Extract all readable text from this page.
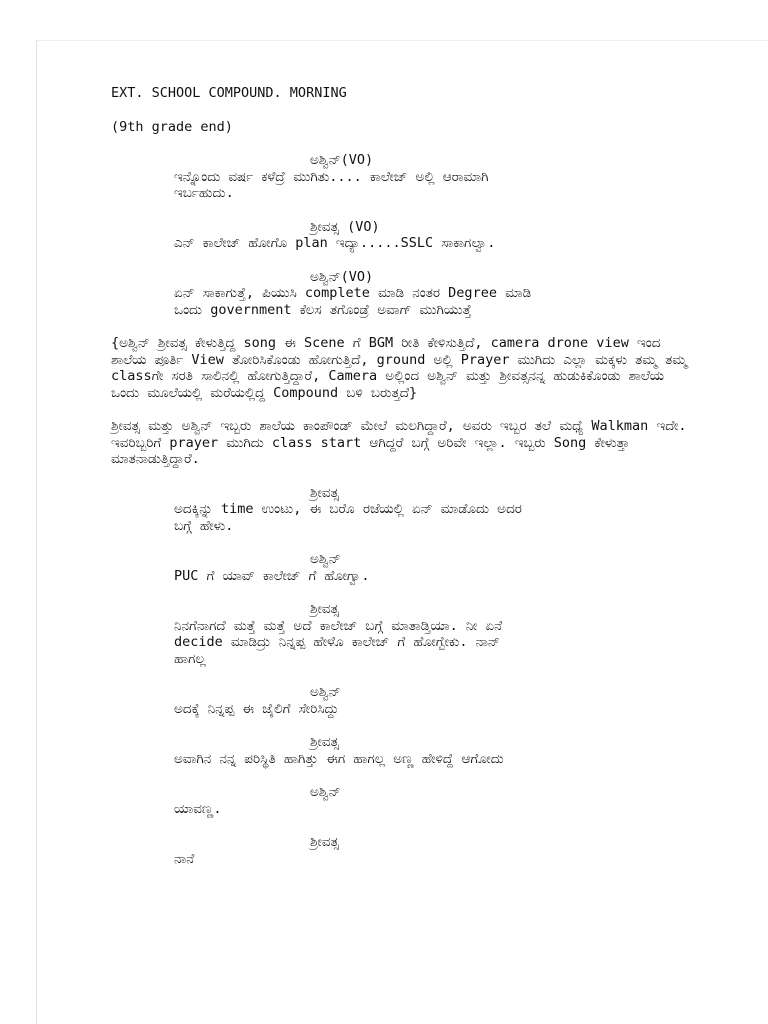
EXT. SCHOOL COMPOUND. MORNING

(9th grade end)

ಅಶ್ವಿನ್(VO)

ಇನ್ನೊಂದು ವರ್ಷ ಕಳೆದ್ರೆ ಮುಗಿತು.... ಕಾಲೇಜ್ ಅಲ್ಲಿ ಆರಾಮಾಗಿ ಇರ್ಬಹುದು.

ಶ್ರೀವತ್ಸ (VO)

ಎನ್ ಕಾಲೇಜ್ ಹೋಗೊ plan ಇದ್ಯಾ.....SSLC ಸಾಕಾಗಲ್ವಾ.

ಅಶ್ವಿನ್(VO)

ಏನ್ ಸಾಕಾಗುತ್ತೆ, ಪಿಯುಸಿ complete ಮಾಡಿ ನಂತರ Degree ಮಾಡಿ ಒಂದು government ಕೆಲಸ ತಗೊಂಡ್ರೆ ಅವಾಗ್ ಮುಗಿಯುತ್ತೆ

{ಅಶ್ವಿನ್ ಶ್ರೀವತ್ಸ ಕೇಳುತ್ತಿದ್ದ song ಈ Scene ಗೆ BGM ರೀತಿ ಕೇಳಿಸುತ್ತಿದೆ, camera drone view ಇಂದ ಶಾಲೆಯ ಪೂರ್ತಿ View ತೋರಿಸಿಕೊಂಡು ಹೋಗುತ್ತಿದೆ, ground ಅಲ್ಲಿ Prayer ಮುಗಿದು ಎಲ್ಲಾ ಮಕ್ಕಳು ತಮ್ಮ ತಮ್ಮ classಗೇ ಸರತಿ ಸಾಲಿನಲ್ಲಿ ಹೋಗುತ್ತಿದ್ದಾರೆ, Camera ಅಲ್ಲಿಂದ ಅಶ್ವಿನ್ ಮತ್ತು ಶ್ರೀವತ್ಸನನ್ನ ಹುಡುಕಿಕೊಂಡು ಶಾಲೆಯ ಒಂದು ಮೂಲೆಯಲ್ಲಿ ಮರೆಯಲ್ಲಿದ್ದ Compound ಬಳಿ ಬರುತ್ತದೆ}

ಶ್ರೀವತ್ಸ ಮತ್ತು ಅಶ್ವಿನ್ ಇಬ್ಬರು ಶಾಲೆಯ ಕಾಂಪೌಂಡ್ ಮೇಲೆ ಮಲಗಿದ್ದಾರೆ, ಅವರು ಇಬ್ಬರ ತಲೆ ಮಧ್ಯೆ Walkman ಇದೇ. ಇವರಿಬ್ಬರಿಗೆ prayer ಮುಗಿದು class start ಆಗಿದ್ದರೆ ಬಗ್ಗೆ ಅರಿವೇ ಇಲ್ಲಾ. ಇಬ್ಬರು Song ಕೇಳುತ್ತಾ ಮಾತನಾಡುತ್ತಿದ್ದಾರೆ.

ಶ್ರೀವತ್ಸ

ಅದಕ್ಕಿನ್ನು time ಉಂಟು, ಈ ಬರೊ ರಜೆಯಲ್ಲಿ ಏನ್ ಮಾಡೊದು ಅದರ ಬಗ್ಗೆ ಹೇಳು.

ಅಶ್ವಿನ್

PUC ಗೆ ಯಾವ್ ಕಾಲೇಜ್ ಗೆ ಹೋಗ್ವಾ.

ಶ್ರೀವತ್ಸ

ನಿನಗೆನಾಗದೆ ಮತ್ತೆ ಮತ್ತೆ ಅದೆ ಕಾಲೇಜ್ ಬಗ್ಗೆ ಮಾತಾಡ್ತಿಯಾ. ನೀ ಏನೆ decide ಮಾಡಿದ್ರು ನಿನ್ನಪ್ಪ ಹೇಳೊ ಕಾಲೇಜ್ ಗೆ ಹೋಗ್ಬೇಕು. ನಾನ್ ಹಾಗಲ್ಲ

ಅಶ್ವಿನ್

ಅದಕ್ಕೆ ನಿನ್ನಪ್ಪ ಈ ಜೈಲಿಗೆ ಸೇರಿಸಿದ್ದು

ಶ್ರೀವತ್ಸ

ಅವಾಗಿನ ನನ್ನ ಪರಿಸ್ಥಿತಿ ಹಾಗಿತ್ತು ಈಗ ಹಾಗಲ್ಲ ಅಣ್ಣ ಹೇಳಿದ್ದೆ ಆಗೋದು

ಅಶ್ವಿನ್

ಯಾವಣ್ಣ.

ಶ್ರೀವತ್ಸ

ನಾನೆ
